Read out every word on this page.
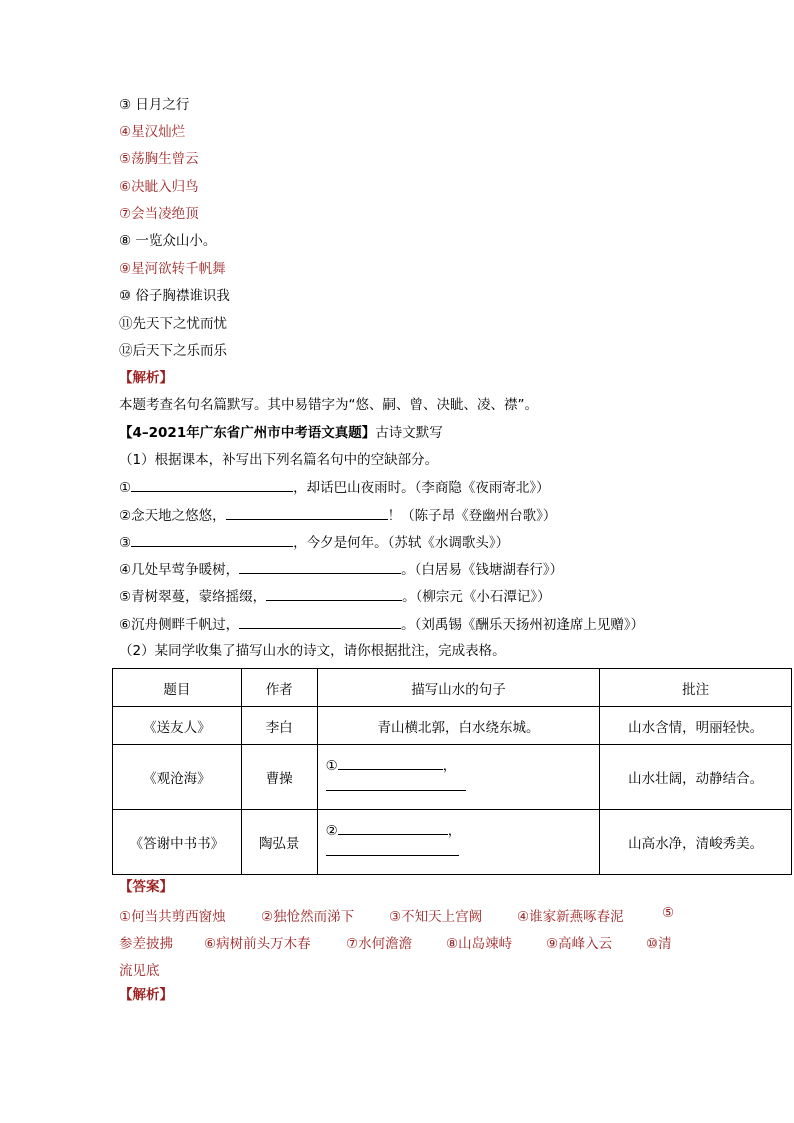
③ 日月之行
④星汉灿烂
⑤荡胸生曾云
⑥决眦入归鸟
⑦会当凌绝顶
⑧ 一览众山小。
⑨星河欲转千帆舞
⑩ 俗子胸襟谁识我
⑪先天下之忧而忧
⑫后天下之乐而乐
【解析】
本题考查名句名篇默写。其中易错字为“悠、嗣、曾、决眦、凌、襟”。
【4–2021年广东省广州市中考语文真题】古诗文默写
（1）根据课本，补写出下列名篇名句中的空缺部分。
①	，却话巴山夜雨时。（李商隐《夜雨寄北》）
②念天地之悠悠，	！（陈子昂《登幽州台歌》）
③	，今夕是何年。（苏轼《水调歌头》）
④几处早莺争暖树，	。（白居易《钱塘湖春行》）
⑤青树翠蔓，蒙络摇缀，	。（柳宗元《小石潭记》）
⑥沉舟侧畔千帆过，	。（刘禹锡《酬乐天扬州初逢席上见赠》）
（2）某同学收集了描写山水的诗文，请你根据批注，完成表格。
题目	作者	描写山水的句子	批注
《送友人》	李白	青山横北郭，白水绕东城。	山水含情，明丽轻快。
《观沧海》	曹操	① ，	山水壮阔，动静结合。
《答谢中书书》	陶弘景	② ，	山高水净，清峻秀美。
【答案】
①何当共剪西窗烛	②独怆然而涕下	③不知天上宫阙	④谁家新燕啄春泥	⑤
参差披拂 ⑥病树前头万木春	⑦水何澹澹	⑧山岛竦峙	⑨高峰入云	⑩清
流见底
【解析】
